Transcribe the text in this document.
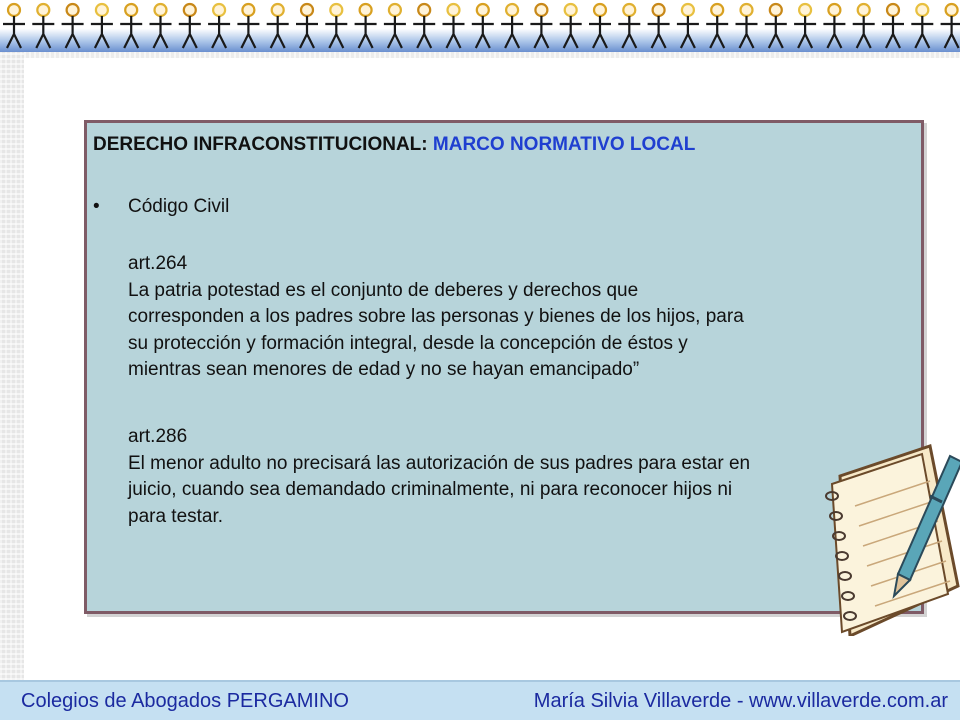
DERECHO INFRACONSTITUCIONAL: MARCO NORMATIVO LOCAL
• Código Civil
art.264
La patria potestad es el conjunto de deberes y derechos que
corresponden a los padres sobre las personas y bienes de los hijos, para
su protección y formación integral, desde la concepción de éstos y
mientras sean menores de edad y no se hayan emancipado”
art.286
El menor adulto no precisará las autorización de sus padres para estar en
juicio, cuando sea demandado criminalmente, ni para reconocer hijos ni
para testar.
Colegios de Abogados PERGAMINO	María Silvia Villaverde - www.villaverde.com.ar
